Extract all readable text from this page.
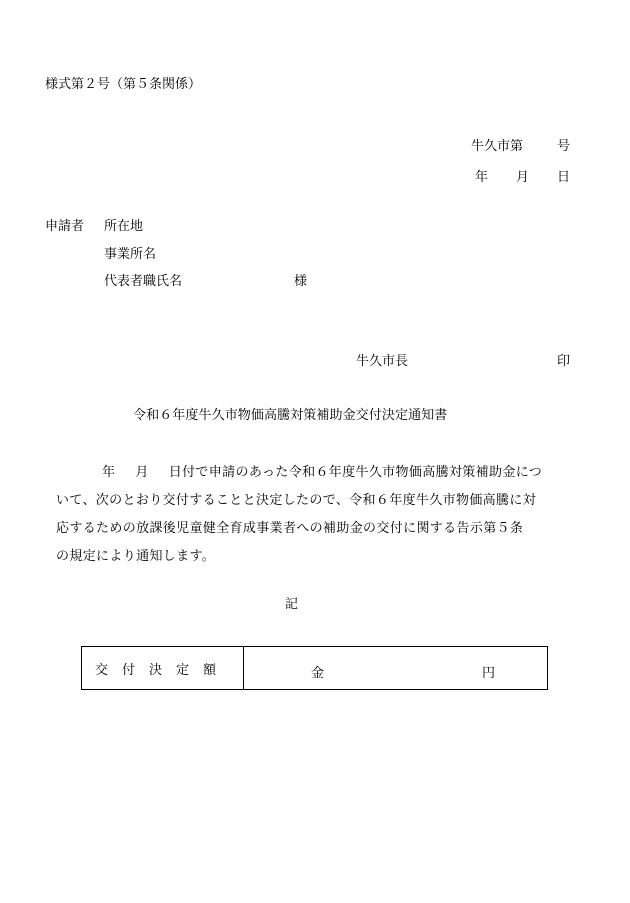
様式第２号（第５条関係）
牛久市第	号
年 月 日
申請者 所在地
事業所名
代表者職氏名	様
牛久市長	印
令和６年度牛久市物価高騰対策補助金交付決定通知書
年 月 日付で申請のあった令和６年度牛久市物価高騰対策補助金につ
いて、次のとおり交付することと決定したので、令和６年度牛久市物価高騰に対
応するための放課後児童健全育成事業者への補助金の交付に関する告示第５条
の規定により通知します。
記
交付決定額	金	円
